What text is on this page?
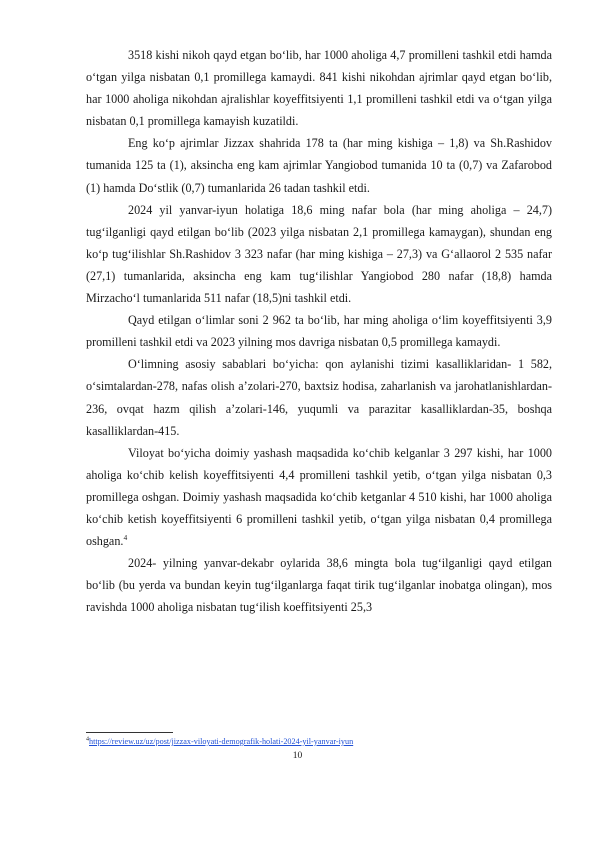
3518 kishi nikoh qayd etgan bo‘lib, har 1000 aholiga 4,7 promilleni tashkil etdi hamda o‘tgan yilga nisbatan 0,1 promillega kamaydi. 841 kishi nikohdan ajrimlar qayd etgan bo‘lib, har 1000 aholiga nikohdan ajralishlar koyeffitsiyenti 1,1 promilleni tashkil etdi va o‘tgan yilga nisbatan 0,1 promillega kamayish kuzatildi.

Eng ko‘p ajrimlar Jizzax shahrida 178 ta (har ming kishiga – 1,8) va Sh.Rashidov tumanida 125 ta (1), aksincha eng kam ajrimlar Yangiobod tumanida 10 ta (0,7) va Zafarobod (1) hamda Do‘stlik (0,7) tumanlarida 26 tadan tashkil etdi.

2024 yil yanvar-iyun holatiga 18,6 ming nafar bola (har ming aholiga – 24,7) tug‘ilganligi qayd etilgan bo‘lib (2023 yilga nisbatan 2,1 promillega kamaygan), shundan eng ko‘p tug‘ilishlar Sh.Rashidov 3 323 nafar (har ming kishiga – 27,3) va G‘allaorol 2 535 nafar (27,1) tumanlarida, aksincha eng kam tug‘ilishlar Yangiobod 280 nafar (18,8) hamda Mirzacho‘l tumanlarida 511 nafar (18,5)ni tashkil etdi.

Qayd etilgan o‘limlar soni 2 962 ta bo‘lib, har ming aholiga o‘lim koyeffitsiyenti 3,9 promilleni tashkil etdi va 2023 yilning mos davriga nisbatan 0,5 promillega kamaydi.

O‘limning asosiy sabablari bo‘yicha: qon aylanishi tizimi kasalliklaridan- 1 582, o‘simtalardan-278, nafas olish a’zolari-270, baxtsiz hodisa, zaharlanish va jarohatlanishlardan-236, ovqat hazm qilish a’zolari-146, yuqumli va parazitar kasalliklardan-35, boshqa kasalliklardan-415.

Viloyat bo‘yicha doimiy yashash maqsadida ko‘chib kelganlar 3 297 kishi, har 1000 aholiga ko‘chib kelish koyeffitsiyenti 4,4 promilleni tashkil yetib, o‘tgan yilga nisbatan 0,3 promillega oshgan. Doimiy yashash maqsadida ko‘chib ketganlar 4 510 kishi, har 1000 aholiga ko‘chib ketish koyeffitsiyenti 6 promilleni tashkil yetib, o‘tgan yilga nisbatan 0,4 promillega oshgan.$^4$

2024- yilning yanvar-dekabr oylarida 38,6 mingta bola tug‘ilganligi qayd etilgan bo‘lib (bu yerda va bundan keyin tug‘ilganlarga faqat tirik tug‘ilganlar inobatga olingan), mos ravishda 1000 aholiga nisbatan tug‘ilish koeffitsiyenti 25,3

$^4$https://review.uz/uz/post/jizzax-viloyati-demografik-holati-2024-yil-yanvar-iyun
10
